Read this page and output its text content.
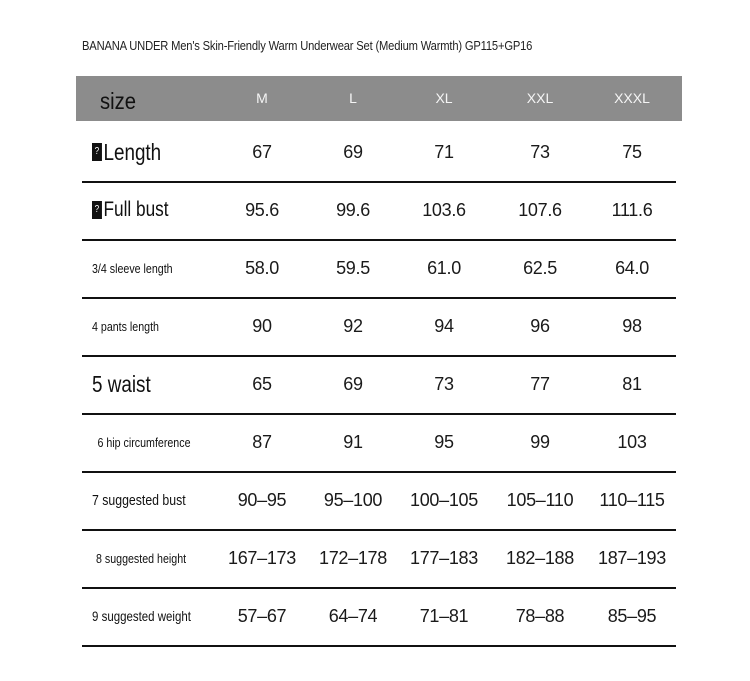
BANANA UNDER Men's Skin-Friendly Warm Underwear Set (Medium Warmth) GP115+GP16
size	M	L	XL	XXL	XXXL
? Length	67	69	71	73	75
? Full bust	95.6	99.6	103.6	107.6	111.6
3/4 sleeve length	58.0	59.5	61.0	62.5	64.0
4 pants length	90	92	94	96	98
5 waist	65	69	73	77	81
6 hip circumference	87	91	95	99	103
7 suggested bust	90–95	95–100	100–105	105–110	110–115
8 suggested height	167–173	172–178	177–183	182–188	187–193
9 suggested weight	57–67	64–74	71–81	78–88	85–95
